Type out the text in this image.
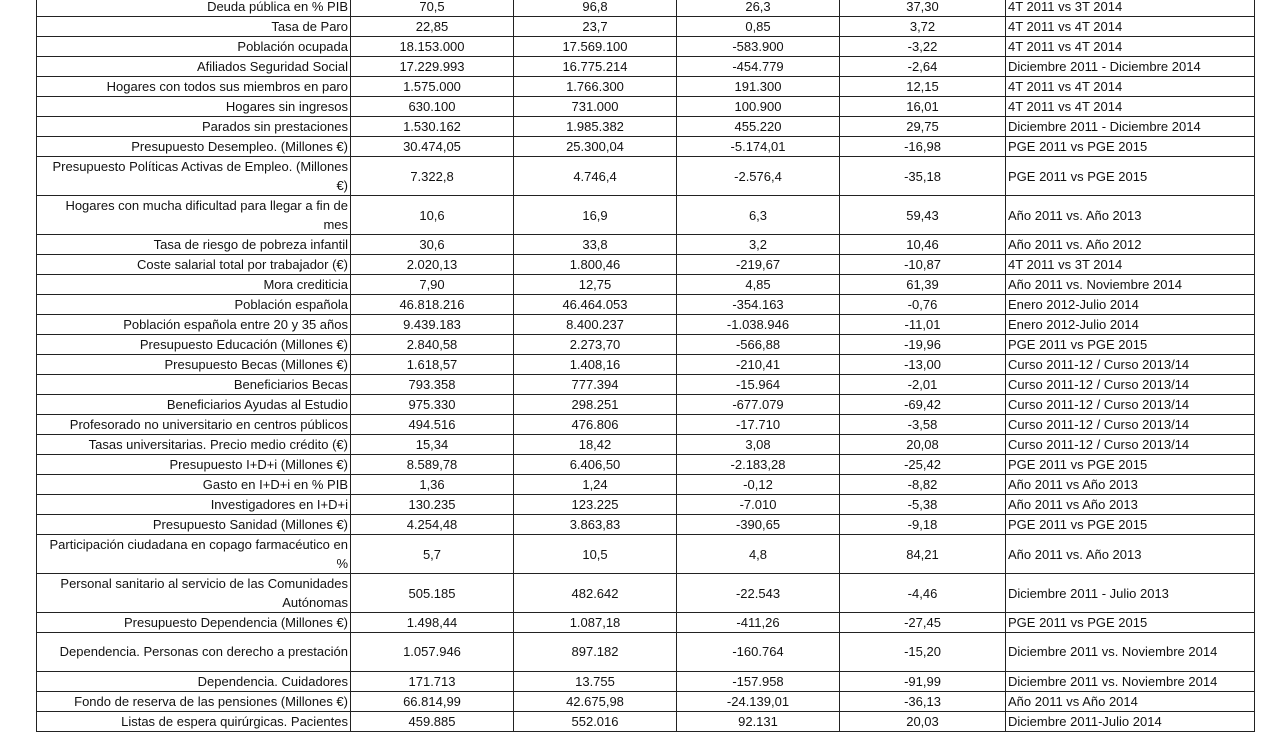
Deuda pública en % PIB	70,5	96,8	26,3	37,30	4T 2011 vs 3T 2014
Tasa de Paro	22,85	23,7	0,85	3,72	4T 2011 vs 4T 2014
Población ocupada	18.153.000	17.569.100	-583.900	-3,22	4T 2011 vs 4T 2014
Afiliados Seguridad Social	17.229.993	16.775.214	-454.779	-2,64	Diciembre 2011 - Diciembre 2014
Hogares con todos sus miembros en paro	1.575.000	1.766.300	191.300	12,15	4T 2011 vs 4T 2014
Hogares sin ingresos	630.100	731.000	100.900	16,01	4T 2011 vs 4T 2014
Parados sin prestaciones	1.530.162	1.985.382	455.220	29,75	Diciembre 2011 - Diciembre 2014
Presupuesto Desempleo. (Millones €)	30.474,05	25.300,04	-5.174,01	-16,98	PGE 2011 vs PGE 2015
Presupuesto Políticas Activas de Empleo. (Millones €)	7.322,8	4.746,4	-2.576,4	-35,18	PGE 2011 vs PGE 2015
Hogares con mucha dificultad para llegar a fin de mes	10,6	16,9	6,3	59,43	Año 2011 vs. Año 2013
Tasa de riesgo de pobreza infantil	30,6	33,8	3,2	10,46	Año 2011 vs. Año 2012
Coste salarial total por trabajador (€)	2.020,13	1.800,46	-219,67	-10,87	4T 2011 vs 3T 2014
Mora crediticia	7,90	12,75	4,85	61,39	Año 2011 vs. Noviembre 2014
Población española	46.818.216	46.464.053	-354.163	-0,76	Enero 2012-Julio 2014
Población española entre 20 y 35 años	9.439.183	8.400.237	-1.038.946	-11,01	Enero 2012-Julio 2014
Presupuesto Educación (Millones €)	2.840,58	2.273,70	-566,88	-19,96	PGE 2011 vs PGE 2015
Presupuesto Becas (Millones €)	1.618,57	1.408,16	-210,41	-13,00	Curso 2011-12 / Curso 2013/14
Beneficiarios Becas	793.358	777.394	-15.964	-2,01	Curso 2011-12 / Curso 2013/14
Beneficiarios Ayudas al Estudio	975.330	298.251	-677.079	-69,42	Curso 2011-12 / Curso 2013/14
Profesorado no universitario en centros públicos	494.516	476.806	-17.710	-3,58	Curso 2011-12 / Curso 2013/14
Tasas universitarias. Precio medio crédito (€)	15,34	18,42	3,08	20,08	Curso 2011-12 / Curso 2013/14
Presupuesto I+D+i (Millones €)	8.589,78	6.406,50	-2.183,28	-25,42	PGE 2011 vs PGE 2015
Gasto en I+D+i en % PIB	1,36	1,24	-0,12	-8,82	Año 2011 vs Año 2013
Investigadores en I+D+i	130.235	123.225	-7.010	-5,38	Año 2011 vs Año 2013
Presupuesto Sanidad (Millones €)	4.254,48	3.863,83	-390,65	-9,18	PGE 2011 vs PGE 2015
Participación ciudadana en copago farmacéutico en %	5,7	10,5	4,8	84,21	Año 2011 vs. Año 2013
Personal sanitario al servicio de las Comunidades Autónomas	505.185	482.642	-22.543	-4,46	Diciembre 2011 - Julio 2013
Presupuesto Dependencia (Millones €)	1.498,44	1.087,18	-411,26	-27,45	PGE 2011 vs PGE 2015
Dependencia. Personas con derecho a prestación	1.057.946	897.182	-160.764	-15,20	Diciembre 2011 vs. Noviembre 2014
Dependencia. Cuidadores	171.713	13.755	-157.958	-91,99	Diciembre 2011 vs. Noviembre 2014
Fondo de reserva de las pensiones (Millones €)	66.814,99	42.675,98	-24.139,01	-36,13	Año 2011 vs Año 2014
Listas de espera quirúrgicas. Pacientes	459.885	552.016	92.131	20,03	Diciembre 2011-Julio 2014
